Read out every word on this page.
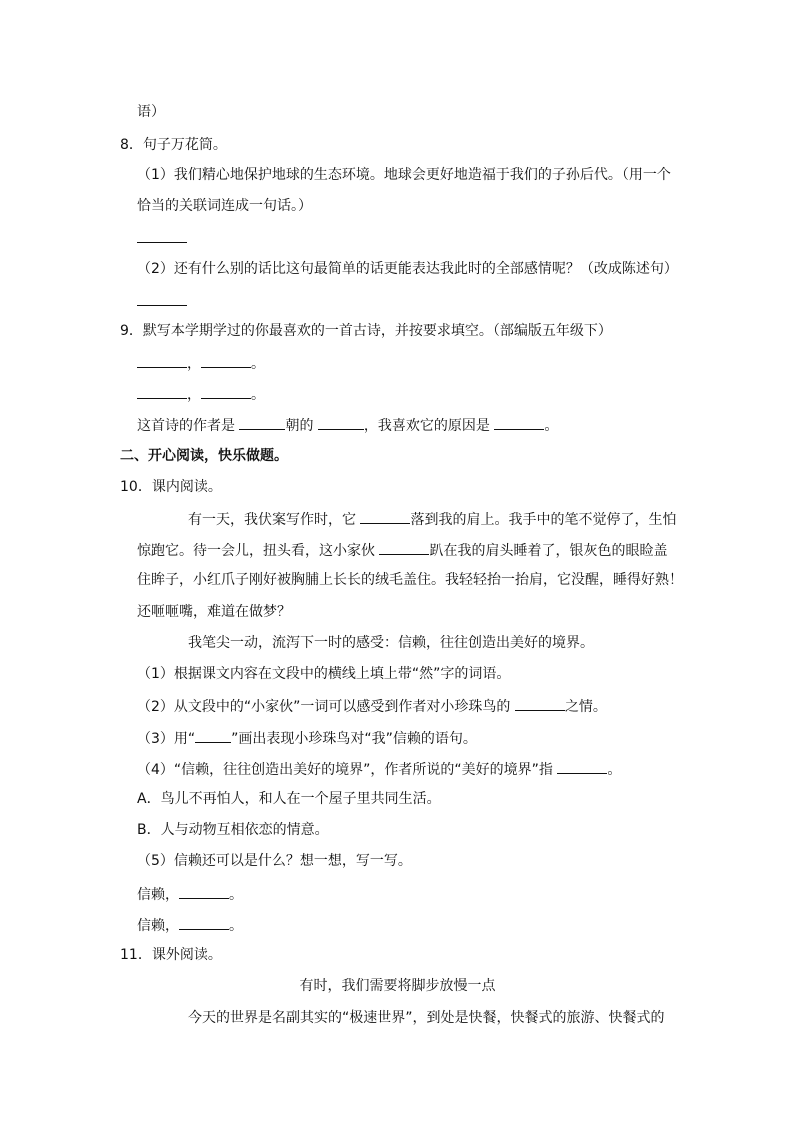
语）
8．句子万花筒。
（1）我们精心地保护地球的生态环境。地球会更好地造福于我们的子孙后代。（用一个
恰当的关联词连成一句话。）
（2）还有什么别的话比这句最简单的话更能表达我此时的全部感情呢？（改成陈述句）
9．默写本学期学过的你最喜欢的一首古诗，并按要求填空。（部编版五年级下）
，	。
，	。
这首诗的作者是	朝的	，我喜欢它的原因是	。
二、开心阅读，快乐做题。
10．课内阅读。
有一天，我伏案写作时，它	落到我的肩上。我手中的笔不觉停了，生怕
惊跑它。待一会儿，扭头看，这小家伙	趴在我的肩头睡着了，银灰色的眼睑盖
住眸子，小红爪子刚好被胸脯上长长的绒毛盖住。我轻轻抬一抬肩，它没醒，睡得好熟！
还咂咂嘴，难道在做梦？
我笔尖一动，流泻下一时的感受：信赖，往往创造出美好的境界。
（1）根据课文内容在文段中的横线上填上带“然”字的词语。
（2）从文段中的“小家伙”一词可以感受到作者对小珍珠鸟的	之情。
（3）用“	”画出表现小珍珠鸟对“我”信赖的语句。
（4）“信赖，往往创造出美好的境界”，作者所说的“美好的境界”指	。
A．鸟儿不再怕人，和人在一个屋子里共同生活。
B．人与动物互相依恋的情意。
（5）信赖还可以是什么？想一想，写一写。
信赖，	。
信赖，	。
11．课外阅读。
有时，我们需要将脚步放慢一点
今天的世界是名副其实的“极速世界”，到处是快餐，快餐式的旅游、快餐式的
